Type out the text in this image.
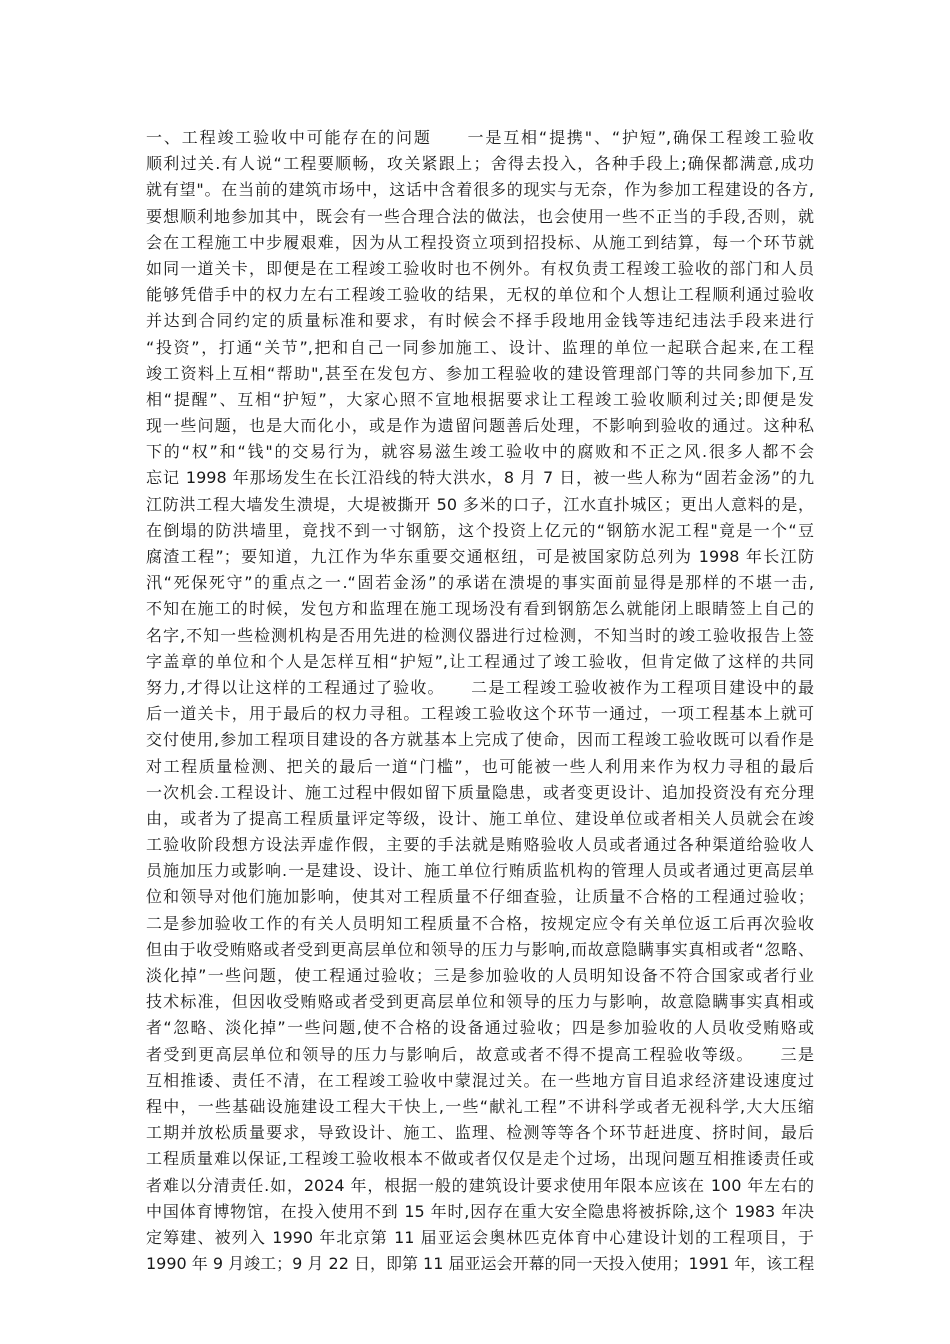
一、工程竣工验收中可能存在的问题　　一是互相“提携"、“护短”,确保工程竣工验收
顺利过关.有人说“工程要顺畅，攻关紧跟上；舍得去投入，各种手段上;确保都满意,成功
就有望"。在当前的建筑市场中，这话中含着很多的现实与无奈，作为参加工程建设的各方,
要想顺利地参加其中，既会有一些合理合法的做法，也会使用一些不正当的手段,否则，就
会在工程施工中步履艰难，因为从工程投资立项到招投标、从施工到结算，每一个环节就
如同一道关卡，即便是在工程竣工验收时也不例外。有权负责工程竣工验收的部门和人员
能够凭借手中的权力左右工程竣工验收的结果，无权的单位和个人想让工程顺利通过验收
并达到合同约定的质量标准和要求，有时候会不择手段地用金钱等违纪违法手段来进行
“投资”，打通“关节”,把和自己一同参加施工、设计、监理的单位一起联合起来,在工程
竣工资料上互相“帮助",甚至在发包方、参加工程验收的建设管理部门等的共同参加下,互
相“提醒”、互相“护短”，大家心照不宣地根据要求让工程竣工验收顺利过关;即便是发
现一些问题，也是大而化小，或是作为遗留问题善后处理，不影响到验收的通过。这种私
下的“权”和“钱"的交易行为，就容易滋生竣工验收中的腐败和不正之风.很多人都不会
忘记 1998 年那场发生在长江沿线的特大洪水，8 月 7 日，被一些人称为“固若金汤”的九
江防洪工程大墙发生溃堤，大堤被撕开 50 多米的口子，江水直扑城区；更出人意料的是，
在倒塌的防洪墙里，竟找不到一寸钢筋，这个投资上亿元的“钢筋水泥工程"竟是一个“豆
腐渣工程”；要知道，九江作为华东重要交通枢纽，可是被国家防总列为 1998 年长江防
汛“死保死守”的重点之一.“固若金汤”的承诺在溃堤的事实面前显得是那样的不堪一击,
不知在施工的时候，发包方和监理在施工现场没有看到钢筋怎么就能闭上眼睛签上自己的
名字,不知一些检测机构是否用先进的检测仪器进行过检测，不知当时的竣工验收报告上签
字盖章的单位和个人是怎样互相“护短”,让工程通过了竣工验收，但肯定做了这样的共同
努力,才得以让这样的工程通过了验收。　　二是工程竣工验收被作为工程项目建设中的最
后一道关卡，用于最后的权力寻租。工程竣工验收这个环节一通过，一项工程基本上就可
交付使用,参加工程项目建设的各方就基本上完成了使命，因而工程竣工验收既可以看作是
对工程质量检测、把关的最后一道“门槛”，也可能被一些人利用来作为权力寻租的最后
一次机会.工程设计、施工过程中假如留下质量隐患，或者变更设计、追加投资没有充分理
由，或者为了提高工程质量评定等级，设计、施工单位、建设单位或者相关人员就会在竣
工验收阶段想方设法弄虚作假，主要的手法就是贿赂验收人员或者通过各种渠道给验收人
员施加压力或影响.一是建设、设计、施工单位行贿质监机构的管理人员或者通过更高层单
位和领导对他们施加影响，使其对工程质量不仔细查验，让质量不合格的工程通过验收；
二是参加验收工作的有关人员明知工程质量不合格，按规定应令有关单位返工后再次验收
但由于收受贿赂或者受到更高层单位和领导的压力与影响,而故意隐瞒事实真相或者“忽略、
淡化掉”一些问题，使工程通过验收；三是参加验收的人员明知设备不符合国家或者行业
技术标准，但因收受贿赂或者受到更高层单位和领导的压力与影响，故意隐瞒事实真相或
者“忽略、淡化掉”一些问题,使不合格的设备通过验收；四是参加验收的人员收受贿赂或
者受到更高层单位和领导的压力与影响后，故意或者不得不提高工程验收等级。　　三是
互相推诿、责任不清，在工程竣工验收中蒙混过关。在一些地方盲目追求经济建设速度过
程中，一些基础设施建设工程大干快上,一些“献礼工程”不讲科学或者无视科学,大大压缩
工期并放松质量要求，导致设计、施工、监理、检测等等各个环节赶进度、挤时间，最后
工程质量难以保证,工程竣工验收根本不做或者仅仅是走个过场，出现问题互相推诿责任或
者难以分清责任.如，2024 年，根据一般的建筑设计要求使用年限本应该在 100 年左右的
中国体育博物馆，在投入使用不到 15 年时,因存在重大安全隐患将被拆除,这个 1983 年决
定筹建、被列入 1990 年北京第 11 届亚运会奥林匹克体育中心建设计划的工程项目，于
1990 年 9 月竣工；9 月 22 日，即第 11 届亚运会开幕的同一天投入使用；1991 年，该工程
